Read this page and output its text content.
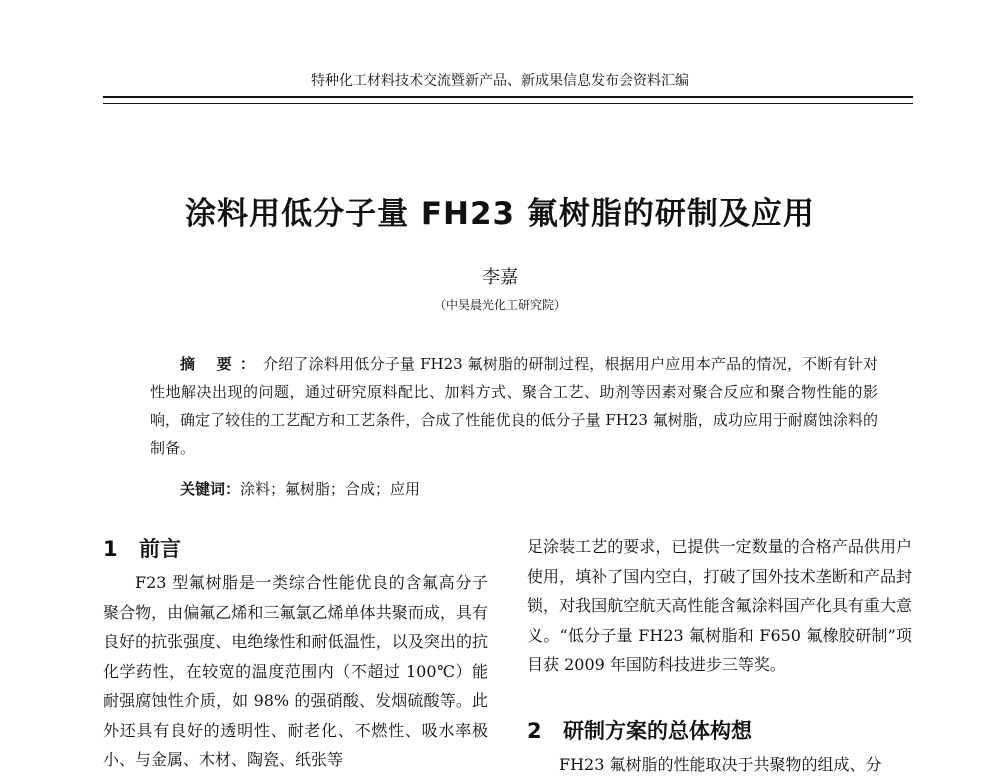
特种化工材料技术交流暨新产品、新成果信息发布会资料汇编
涂料用低分子量 FH23 氟树脂的研制及应用
李嘉
（中昊晨光化工研究院）
摘 要：介绍了涂料用低分子量 FH23 氟树脂的研制过程，根据用户应用本产品的情况，不断有针对性地解决出现的问题，通过研究原料配比、加料方式、聚合工艺、助剂等因素对聚合反应和聚合物性能的影响，确定了较佳的工艺配方和工艺条件，合成了性能优良的低分子量 FH23 氟树脂，成功应用于耐腐蚀涂料的制备。
关键词：涂料；氟树脂；合成；应用
1 前言

F23 型氟树脂是一类综合性能优良的含氟高分子聚合物，由偏氟乙烯和三氟氯乙烯单体共聚而成，具有良好的抗张强度、电绝缘性和耐低温性，以及突出的抗化学药性，在较宽的温度范围内（不超过 100℃）能耐强腐蚀性介质，如 98% 的强硝酸、发烟硫酸等。此外还具有良好的透明性、耐老化、不燃性、吸水率极小、与金属、木材、陶瓷、纸张等

足涂装工艺的要求，已提供一定数量的合格产品供用户使用，填补了国内空白，打破了国外技术垄断和产品封锁，对我国航空航天高性能含氟涂料国产化具有重大意义。“低分子量 FH23 氟树脂和 F650 氟橡胶研制”项目获 2009 年国防科技进步三等奖。

2 研制方案的总体构想

FH23 氟树脂的性能取决于共聚物的组成、分
